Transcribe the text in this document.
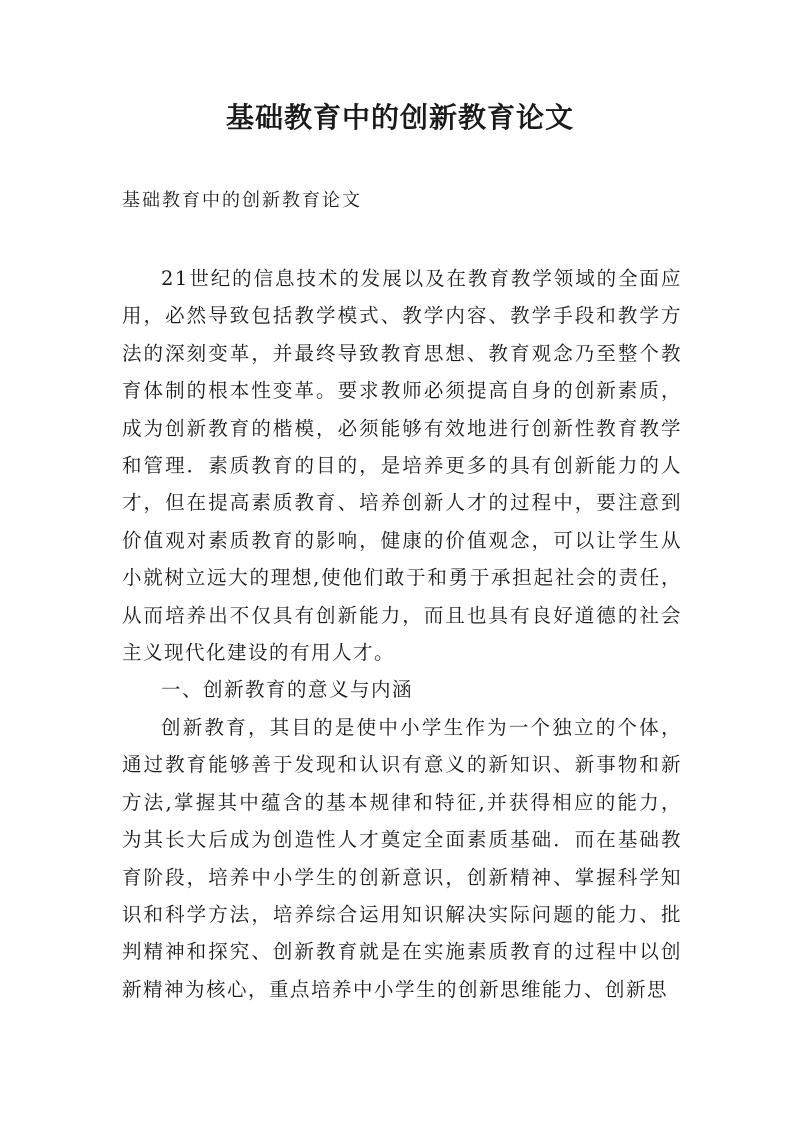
基础教育中的创新教育论文
基础教育中的创新教育论文

21世纪的信息技术的发展以及在教育教学领域的全面应用，必然导致包括教学模式、教学内容、教学手段和教学方法的深刻变革，并最终导致教育思想、教育观念乃至整个教育体制的根本性变革。要求教师必须提高自身的创新素质，成为创新教育的楷模，必须能够有效地进行创新性教育教学和管理．素质教育的目的，是培养更多的具有创新能力的人才，但在提高素质教育、培养创新人才的过程中，要注意到价值观对素质教育的影响，健康的价值观念，可以让学生从小就树立远大的理想,使他们敢于和勇于承担起社会的责任，从而培养出不仅具有创新能力，而且也具有良好道德的社会主义现代化建设的有用人才。

一、创新教育的意义与内涵

创新教育，其目的是使中小学生作为一个独立的个体，通过教育能够善于发现和认识有意义的新知识、新事物和新方法,掌握其中蕴含的基本规律和特征,并获得相应的能力，为其长大后成为创造性人才奠定全面素质基础．而在基础教育阶段，培养中小学生的创新意识，创新精神、掌握科学知识和科学方法，培养综合运用知识解决实际问题的能力、批判精神和探究、创新教育就是在实施素质教育的过程中以创新精神为核心，重点培养中小学生的创新思维能力、创新思
